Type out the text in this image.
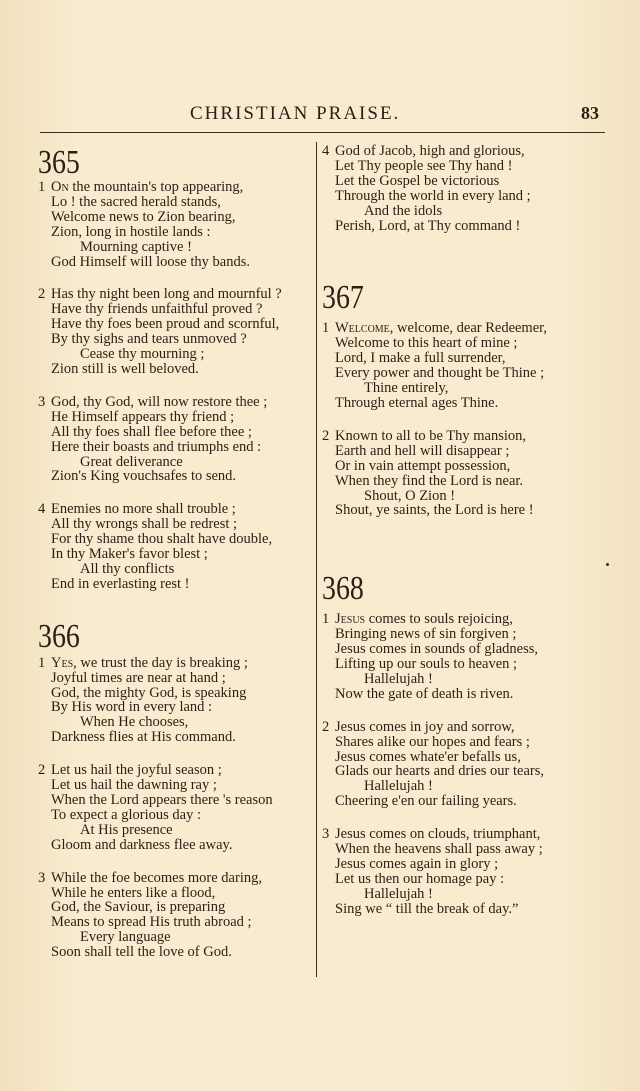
CHRISTIAN PRAISE.	83
365
1 On the mountain's top appearing,
Lo ! the sacred herald stands,
Welcome news to Zion bearing,
Zion, long in hostile lands :
Mourning captive !
God Himself will loose thy bands.
2 Has thy night been long and mournful ?
Have thy friends unfaithful proved ?
Have thy foes been proud and scornful,
By thy sighs and tears unmoved ?
Cease thy mourning ;
Zion still is well beloved.
3 God, thy God, will now restore thee ;
He Himself appears thy friend ;
All thy foes shall flee before thee ;
Here their boasts and triumphs end :
Great deliverance
Zion's King vouchsafes to send.
4 Enemies no more shall trouble ;
All thy wrongs shall be redrest ;
For thy shame thou shalt have double,
In thy Maker's favor blest ;
All thy conflicts
End in everlasting rest !
366
1 Yes, we trust the day is breaking ;
Joyful times are near at hand ;
God, the mighty God, is speaking
By His word in every land :
When He chooses,
Darkness flies at His command.
2 Let us hail the joyful season ;
Let us hail the dawning ray ;
When the Lord appears there 's reason
To expect a glorious day :
At His presence
Gloom and darkness flee away.
3 While the foe becomes more daring,
While he enters like a flood,
God, the Saviour, is preparing
Means to spread His truth abroad ;
Every language
Soon shall tell the love of God.
4 God of Jacob, high and glorious,
Let Thy people see Thy hand !
Let the Gospel be victorious
Through the world in every land ;
And the idols
Perish, Lord, at Thy command !
367
1 Welcome, welcome, dear Redeemer,
Welcome to this heart of mine ;
Lord, I make a full surrender,
Every power and thought be Thine ;
Thine entirely,
Through eternal ages Thine.
2 Known to all to be Thy mansion,
Earth and hell will disappear ;
Or in vain attempt possession,
When they find the Lord is near.
Shout, O Zion !
Shout, ye saints, the Lord is here !
368
1 Jesus comes to souls rejoicing,
Bringing news of sin forgiven ;
Jesus comes in sounds of gladness,
Lifting up our souls to heaven ;
Hallelujah !
Now the gate of death is riven.
2 Jesus comes in joy and sorrow,
Shares alike our hopes and fears ;
Jesus comes whate'er befalls us,
Glads our hearts and dries our tears,
Hallelujah !
Cheering e'en our failing years.
3 Jesus comes on clouds, triumphant,
When the heavens shall pass away ;
Jesus comes again in glory ;
Let us then our homage pay :
Hallelujah !
Sing we “ till the break of day.”
